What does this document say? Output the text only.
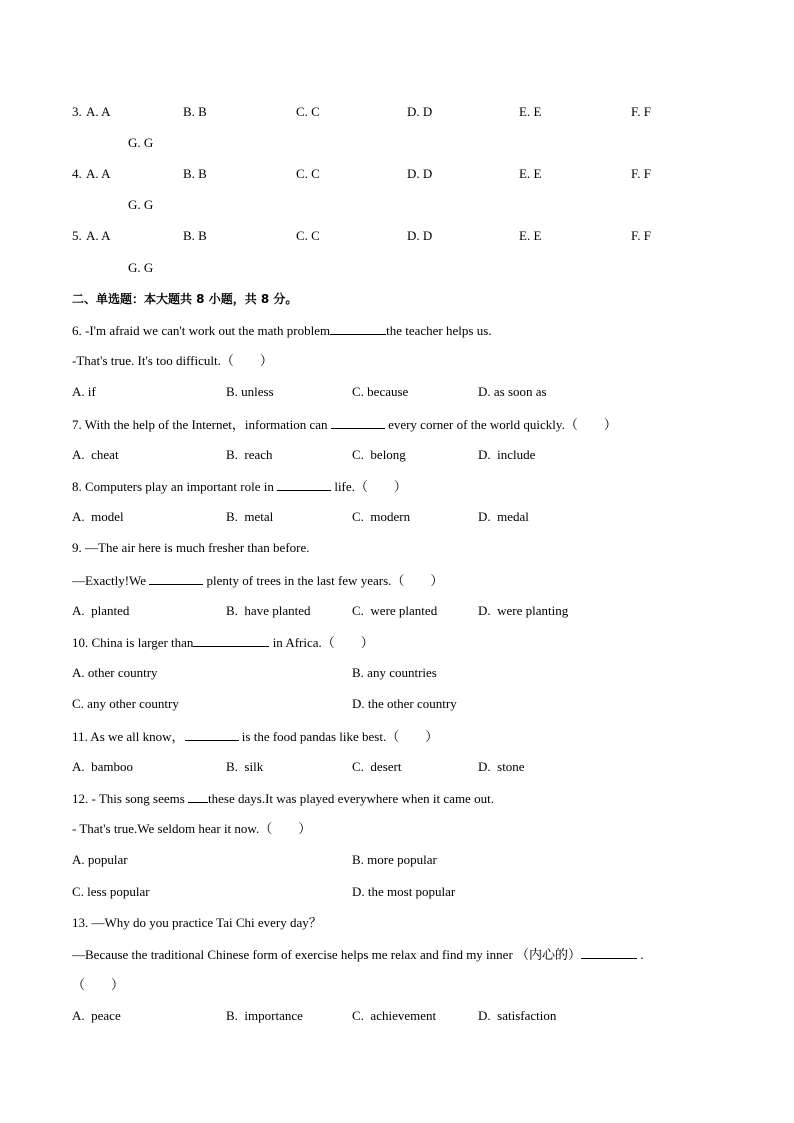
3. A. A	B. B	C. C	D. D	E. E	F. F
G. G
4. A. A	B. B	C. C	D. D	E. E	F. F
G. G
5. A. A	B. B	C. C	D. D	E. E	F. F
G. G
二、单选题：本大题共 8 小题，共 8 分。
6. -I'm afraid we can't work out the math problem	the teacher helps us.
-That's true. It's too difficult.（        ）
A. if	B. unless	C. because	D. as soon as
7. With the help of the Internet，information can	every corner of the world quickly.（        ）
A.  cheat	B.  reach	C.  belong	D.  include
8. Computers play an important role in	life.（        ）
A.  model	B.  metal	C.  modern	D.  medal
9. —The air here is much fresher than before.
—Exactly!We	plenty of trees in the last few years.（        ）
A.  planted	B.  have planted	C.  were planted	D.  were planting
10. China is larger than	in Africa.（        ）
A. other country	B. any countries
C. any other country	D. the other country
11. As we all know，	is the food pandas like best.（        ）
A.  bamboo	B.  silk	C.  desert	D.  stone
12. - This song seems these days.It was played everywhere when it came out.
- That's true.We seldom hear it now.（        ）
A. popular	B. more popular
C. less popular	D. the most popular
13. —Why do you practice Tai Chi every day？
—Because the traditional Chinese form of exercise helps me relax and find my inner （内心的）	.
（        ）
A.  peace	B.  importance	C.  achievement	D.  satisfaction
